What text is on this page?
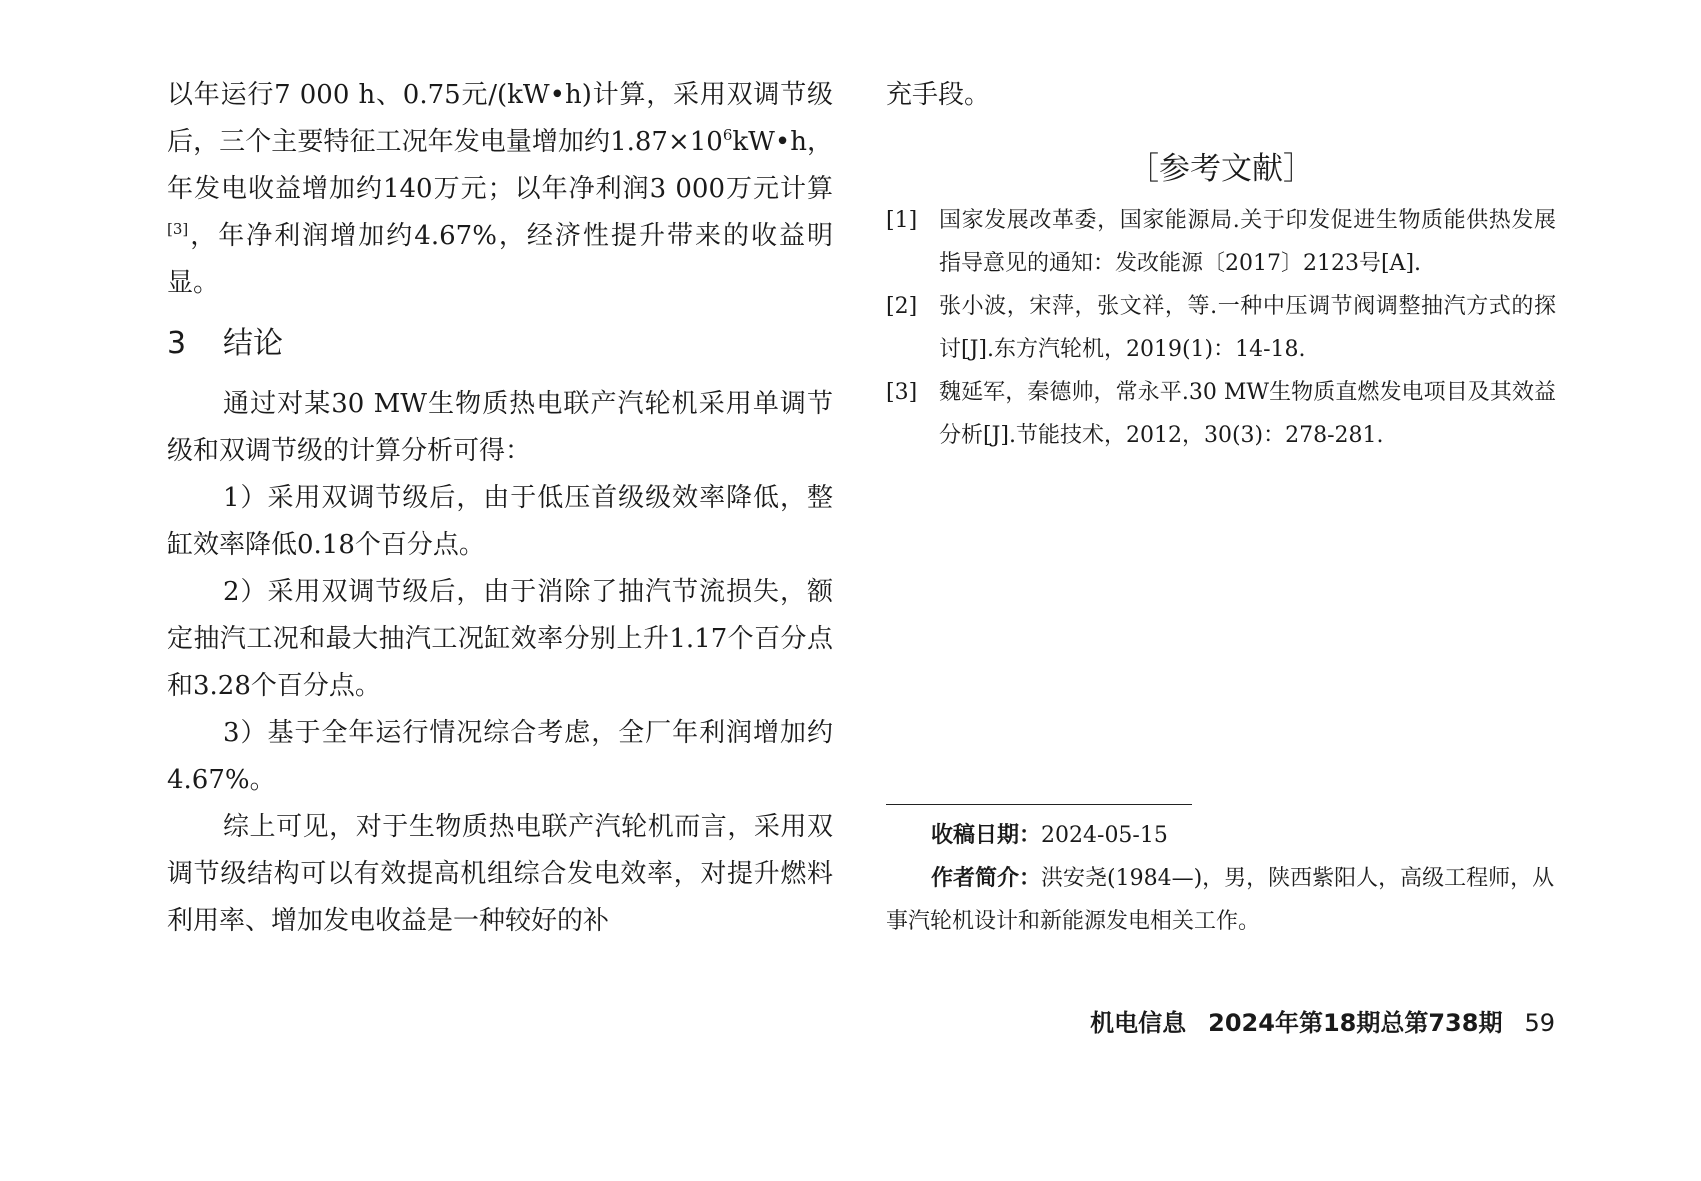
以年运行7 000 h、0.75元/(kW•h)计算，采用双调节级后，三个主要特征工况年发电量增加约$1.87\times 10^6kW•h$，年发电收益增加约140万元；以年净利润3 000万元计算[3]，年净利润增加约4.67%，经济性提升带来的收益明显。

3 结论

通过对某30 MW生物质热电联产汽轮机采用单调节级和双调节级的计算分析可得：

1）采用双调节级后，由于低压首级级效率降低，整缸效率降低0.18个百分点。

2）采用双调节级后，由于消除了抽汽节流损失，额定抽汽工况和最大抽汽工况缸效率分别上升1.17个百分点和3.28个百分点。

3）基于全年运行情况综合考虑，全厂年利润增加约4.67%。

综上可见，对于生物质热电联产汽轮机而言，采用双调节级结构可以有效提高机组综合发电效率，对提升燃料利用率、增加发电收益是一种较好的补

充手段。

［参考文献］
[1] 国家发展改革委，国家能源局.关于印发促进生物质能供热发展指导意见的通知：发改能源〔2017〕2123号[A].
[2] 张小波，宋萍，张文祥，等.一种中压调节阀调整抽汽方式的探讨[J].东方汽轮机，2019(1)：14-18.
[3] 魏延军，秦德帅，常永平.30 MW生物质直燃发电项目及其效益分析[J].节能技术，2012，30(3)：278-281.

收稿日期：2024-05-15

作者简介：洪安尧(1984—)，男，陕西紫阳人，高级工程师，从事汽轮机设计和新能源发电相关工作。

机电信息 2024年第18期总第738期 59
